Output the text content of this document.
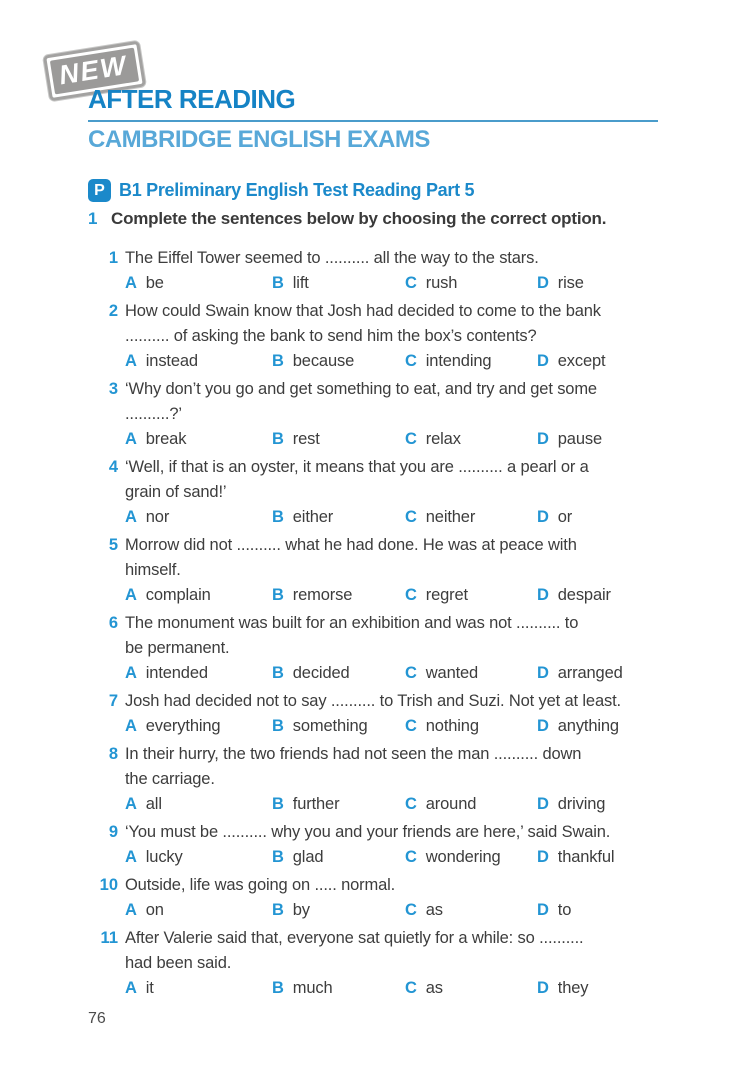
NEW
AFTER READING
CAMBRIDGE ENGLISH EXAMS
P B1 Preliminary English Test Reading Part 5
1 Complete the sentences below by choosing the correct option.
1 The Eiffel Tower seemed to .......... all the way to the stars.
A be	B lift	C rush	D rise
2 How could Swain know that Josh had decided to come to the bank
.......... of asking the bank to send him the box’s contents?
A instead	B because	C intending	D except
3 ‘Why don’t you go and get something to eat, and try and get some
..........?’
A break	B rest	C relax	D pause
4 ‘Well, if that is an oyster, it means that you are .......... a pearl or a
grain of sand!’
A nor	B either	C neither	D or
5 Morrow did not .......... what he had done. He was at peace with
himself.
A complain	B remorse	C regret	D despair
6 The monument was built for an exhibition and was not .......... to
be permanent.
A intended	B decided	C wanted	D arranged
7 Josh had decided not to say .......... to Trish and Suzi. Not yet at least.
A everything	B something	C nothing	D anything
8 In their hurry, the two friends had not seen the man .......... down
the carriage.
A all	B further	C around	D driving
9 ‘You must be .......... why you and your friends are here,’ said Swain.
A lucky	B glad	C wondering	D thankful
10 Outside, life was going on ..... normal.
A on	B by	C as	D to
11 After Valerie said that, everyone sat quietly for a while: so ..........
had been said.
A it	B much	C as	D they
76
